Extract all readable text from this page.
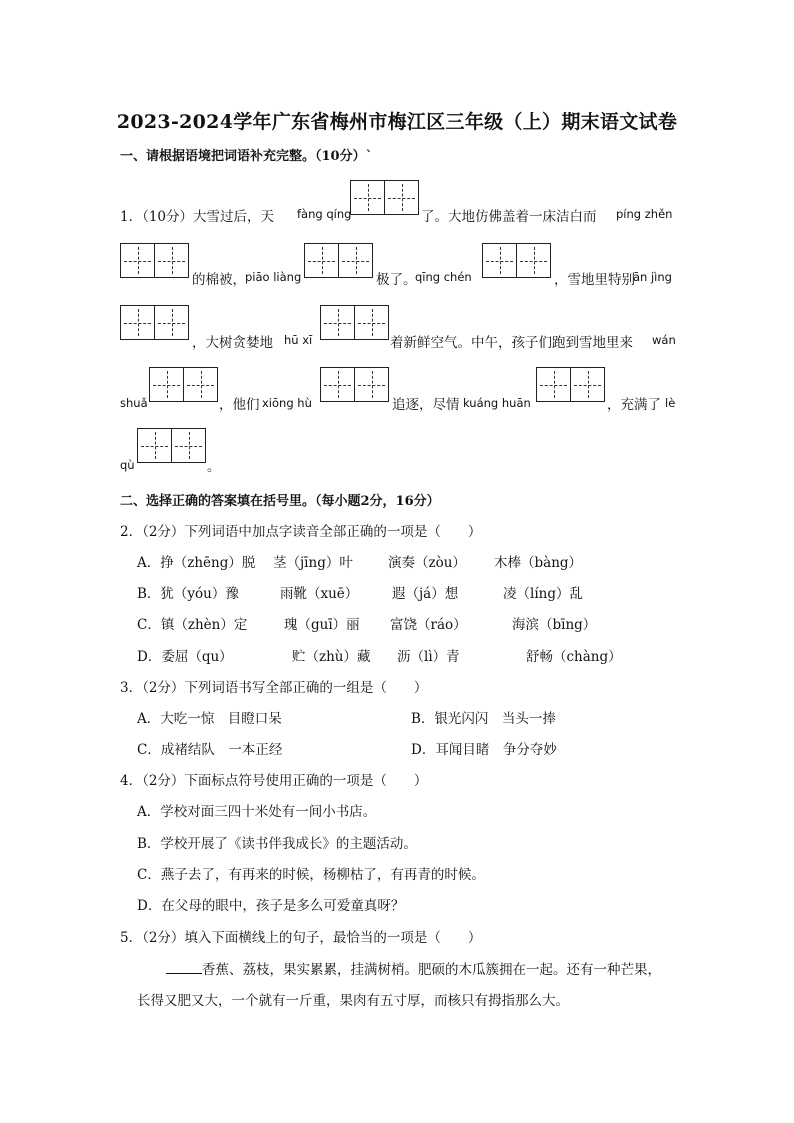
2023-2024学年广东省梅州市梅江区三年级（上）期末语文试卷
一、请根据语境把词语补充完整。（10分）`
1．（10分）大雪过后，天 fàng qíng	了。大地仿佛盖着一床洁白而 píng zhěn
的棉被， piāo liàng	极了。
qīng chén	，雪地里特别
ān jìng
，大树贪婪地 hū xī	着新鲜空气。中午，孩子们跑到雪地里来 wán
shuǎ	，他们 xiōng hù	追逐，尽情 kuáng huān	，充满了 lè
qù	。
二、选择正确的答案填在括号里。（每小题2分，16分）
2．（2分）下列词语中加点字读音全部正确的一项是（　　）
A．挣（zhēng）脱 茎（jīng）叶	演奏（zòu） 木棒（bàng）
B．犹（yóu）豫	雨靴（xuē） 遐（já）想	凌（líng）乱
C．镇（zhèn）定	瑰（guī）丽 富饶（ráo）	海滨（bīng）
D．委屈（qu）	贮（zhù）藏 沥（lì）青	舒畅（chàng）
3．（2分）下列词语书写全部正确的一组是（　　）
A．大吃一惊　目瞪口呆	B．银光闪闪　当头一捧
C．成褚结队　一本正经	D．耳闻目睹　争分夺妙
4．（2分）下面标点符号使用正确的一项是（　　）
A．学校对面三四十米处有一间小书店。
B．学校开展了《读书伴我成长》的主题活动。
C．燕子去了，有再来的时候，杨柳枯了，有再青的时候。
D．在父母的眼中，孩子是多么可爱童真呀？
5．（2分）填入下面横线上的句子，最恰当的一项是（　　）
香蕉、荔枝，果实累累，挂满树梢。肥硕的木瓜簇拥在一起。还有一种芒果，
长得又肥又大，一个就有一斤重，果肉有五寸厚，而核只有拇指那么大。
